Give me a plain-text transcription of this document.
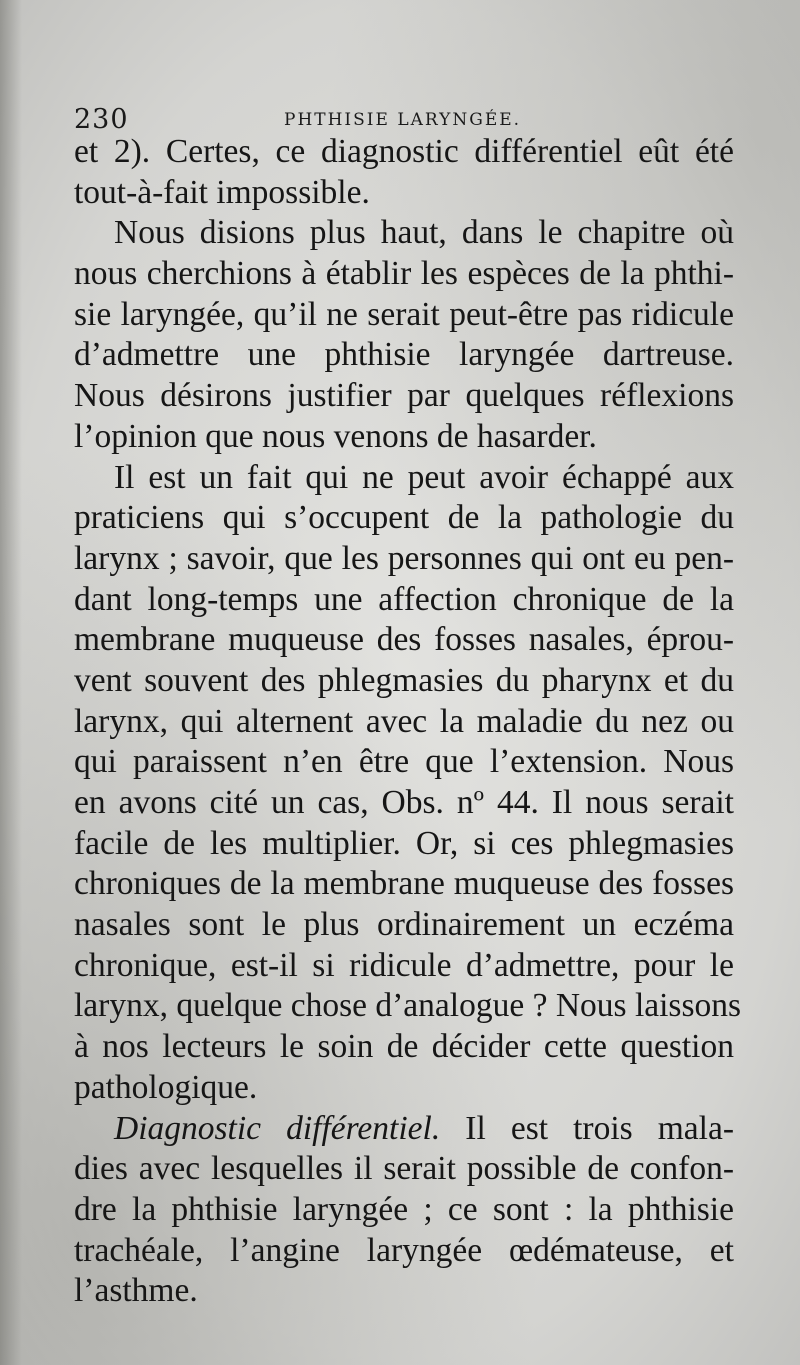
230	PHTHISIE LARYNGÉE.
et 2). Certes, ce diagnostic différentiel eût été
tout-à-fait impossible.
Nous disions plus haut, dans le chapitre où
nous cherchions à établir les espèces de la phthi-
sie laryngée, qu’il ne serait peut-être pas ridicule
d’admettre une phthisie laryngée dartreuse.
Nous désirons justifier par quelques réflexions
l’opinion que nous venons de hasarder.
Il est un fait qui ne peut avoir échappé aux
praticiens qui s’occupent de la pathologie du
larynx ; savoir, que les personnes qui ont eu pen-
dant long-temps une affection chronique de la
membrane muqueuse des fosses nasales, éprou-
vent souvent des phlegmasies du pharynx et du
larynx, qui alternent avec la maladie du nez ou
qui paraissent n’en être que l’extension. Nous
en avons cité un cas, Obs. nº 44. Il nous serait
facile de les multiplier. Or, si ces phlegmasies
chroniques de la membrane muqueuse des fosses
nasales sont le plus ordinairement un eczéma
chronique, est-il si ridicule d’admettre, pour le
larynx, quelque chose d’analogue ? Nous laissons
à nos lecteurs le soin de décider cette question
pathologique.
Diagnostic différentiel. Il est trois mala-
dies avec lesquelles il serait possible de confon-
dre la phthisie laryngée ; ce sont : la phthisie
trachéale, l’angine laryngée œdémateuse, et
l’asthme.
